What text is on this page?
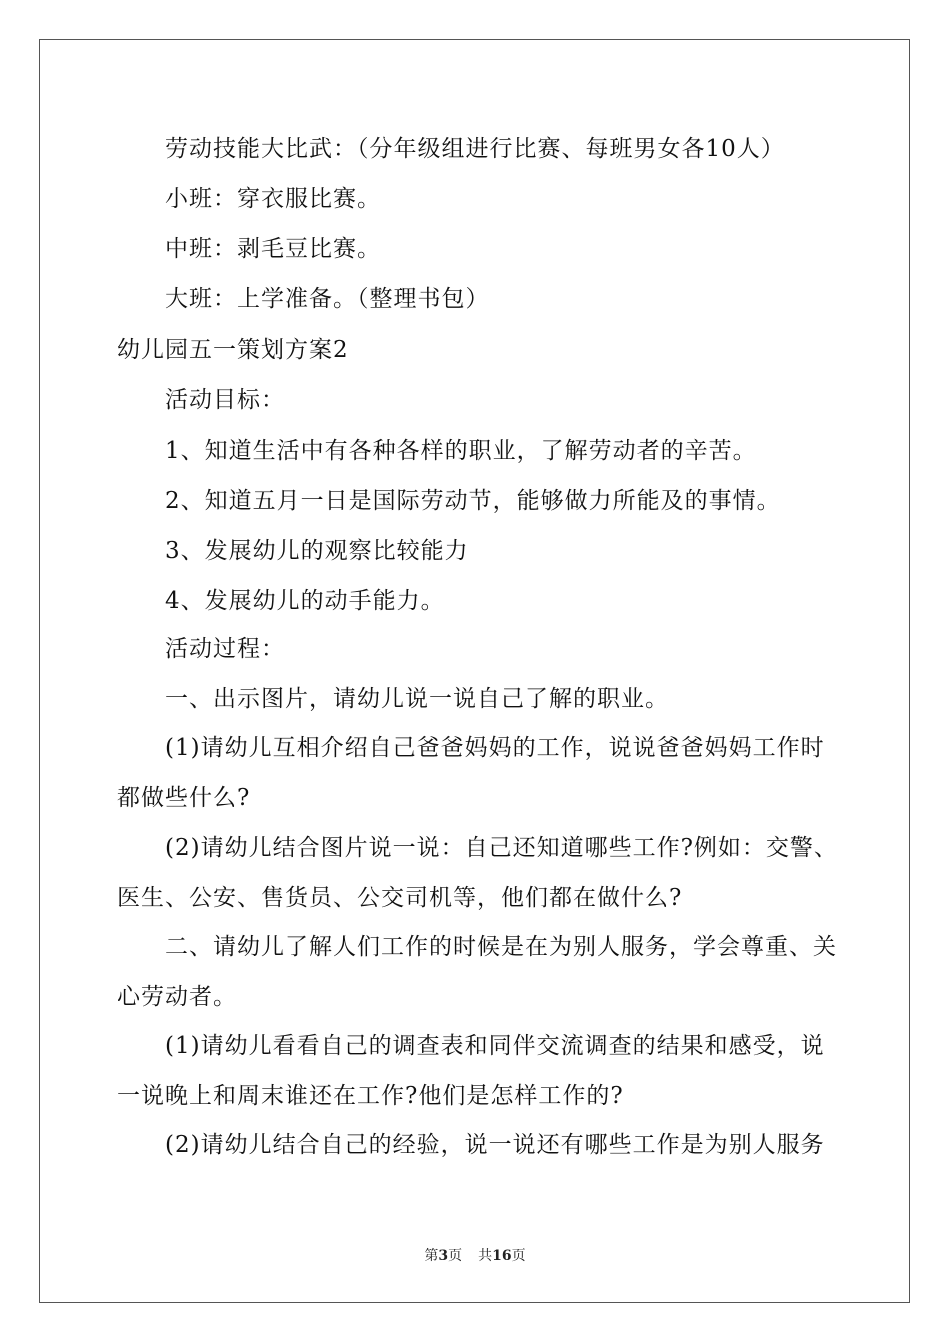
劳动技能大比武：（分年级组进行比赛、每班男女各10人）
小班：穿衣服比赛。
中班：剥毛豆比赛。
大班：上学准备。（整理书包）
幼儿园五一策划方案2
活动目标：
1、知道生活中有各种各样的职业，了解劳动者的辛苦。
2、知道五月一日是国际劳动节，能够做力所能及的事情。
3、发展幼儿的观察比较能力
4、发展幼儿的动手能力。
活动过程：
一、出示图片，请幼儿说一说自己了解的职业。
(1)请幼儿互相介绍自己爸爸妈妈的工作，说说爸爸妈妈工作时
都做些什么?
(2)请幼儿结合图片说一说：自己还知道哪些工作?例如：交警、
医生、公安、售货员、公交司机等，他们都在做什么?
二、请幼儿了解人们工作的时候是在为别人服务，学会尊重、关
心劳动者。
(1)请幼儿看看自己的调查表和同伴交流调查的结果和感受，说
一说晚上和周末谁还在工作?他们是怎样工作的?
(2)请幼儿结合自己的经验，说一说还有哪些工作是为别人服务
第3页 共16页
